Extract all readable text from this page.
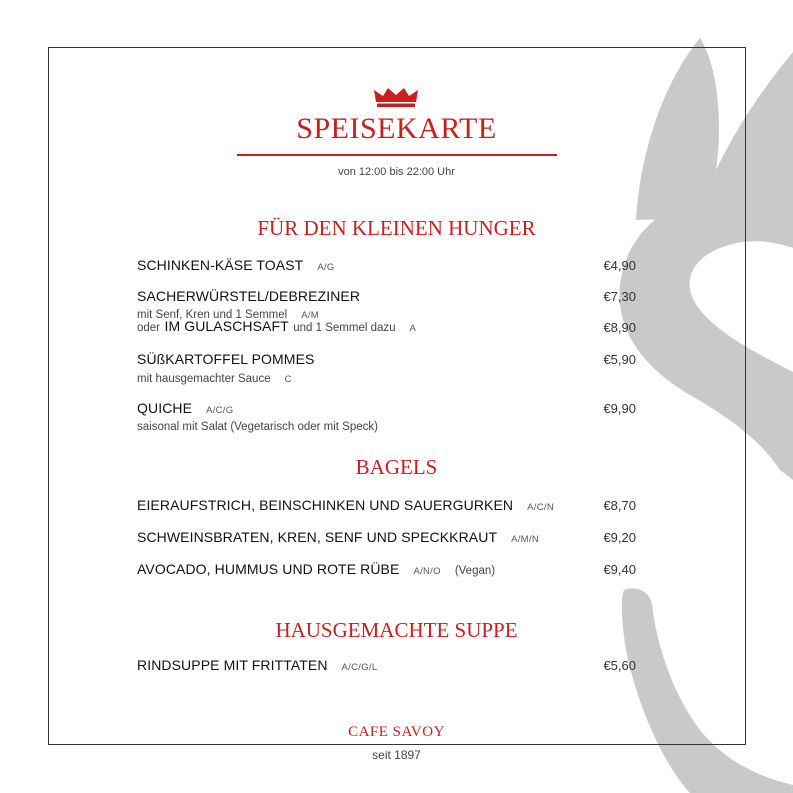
SPEISEKARTE
von 12:00 bis 22:00 Uhr
FÜR DEN KLEINEN HUNGER
SCHINKEN-KÄSE TOAST A/G	€4,90
SACHERWÜRSTEL/DEBREZINER	€7,30
mit Senf, Kren und 1 Semmel A/M
oder IM GULASCHSAFT und 1 Semmel dazu A	€8,90
SÜßKARTOFFEL POMMES	€5,90
mit hausgemachter Sauce C
QUICHE A/C/G	€9,90
saisonal mit Salat (Vegetarisch oder mit Speck)
BAGELS
EIERAUFSTRICH, BEINSCHINKEN UND SAUERGURKEN A/C/N	€8,70
SCHWEINSBRATEN, KREN, SENF UND SPECKKRAUT A/M/N	€9,20
AVOCADO, HUMMUS UND ROTE RÜBE A/N/O (Vegan)	€9,40
HAUSGEMACHTE SUPPE
RINDSUPPE MIT FRITTATEN A/C/G/L	€5,60
CAFE SAVOY
seit 1897
